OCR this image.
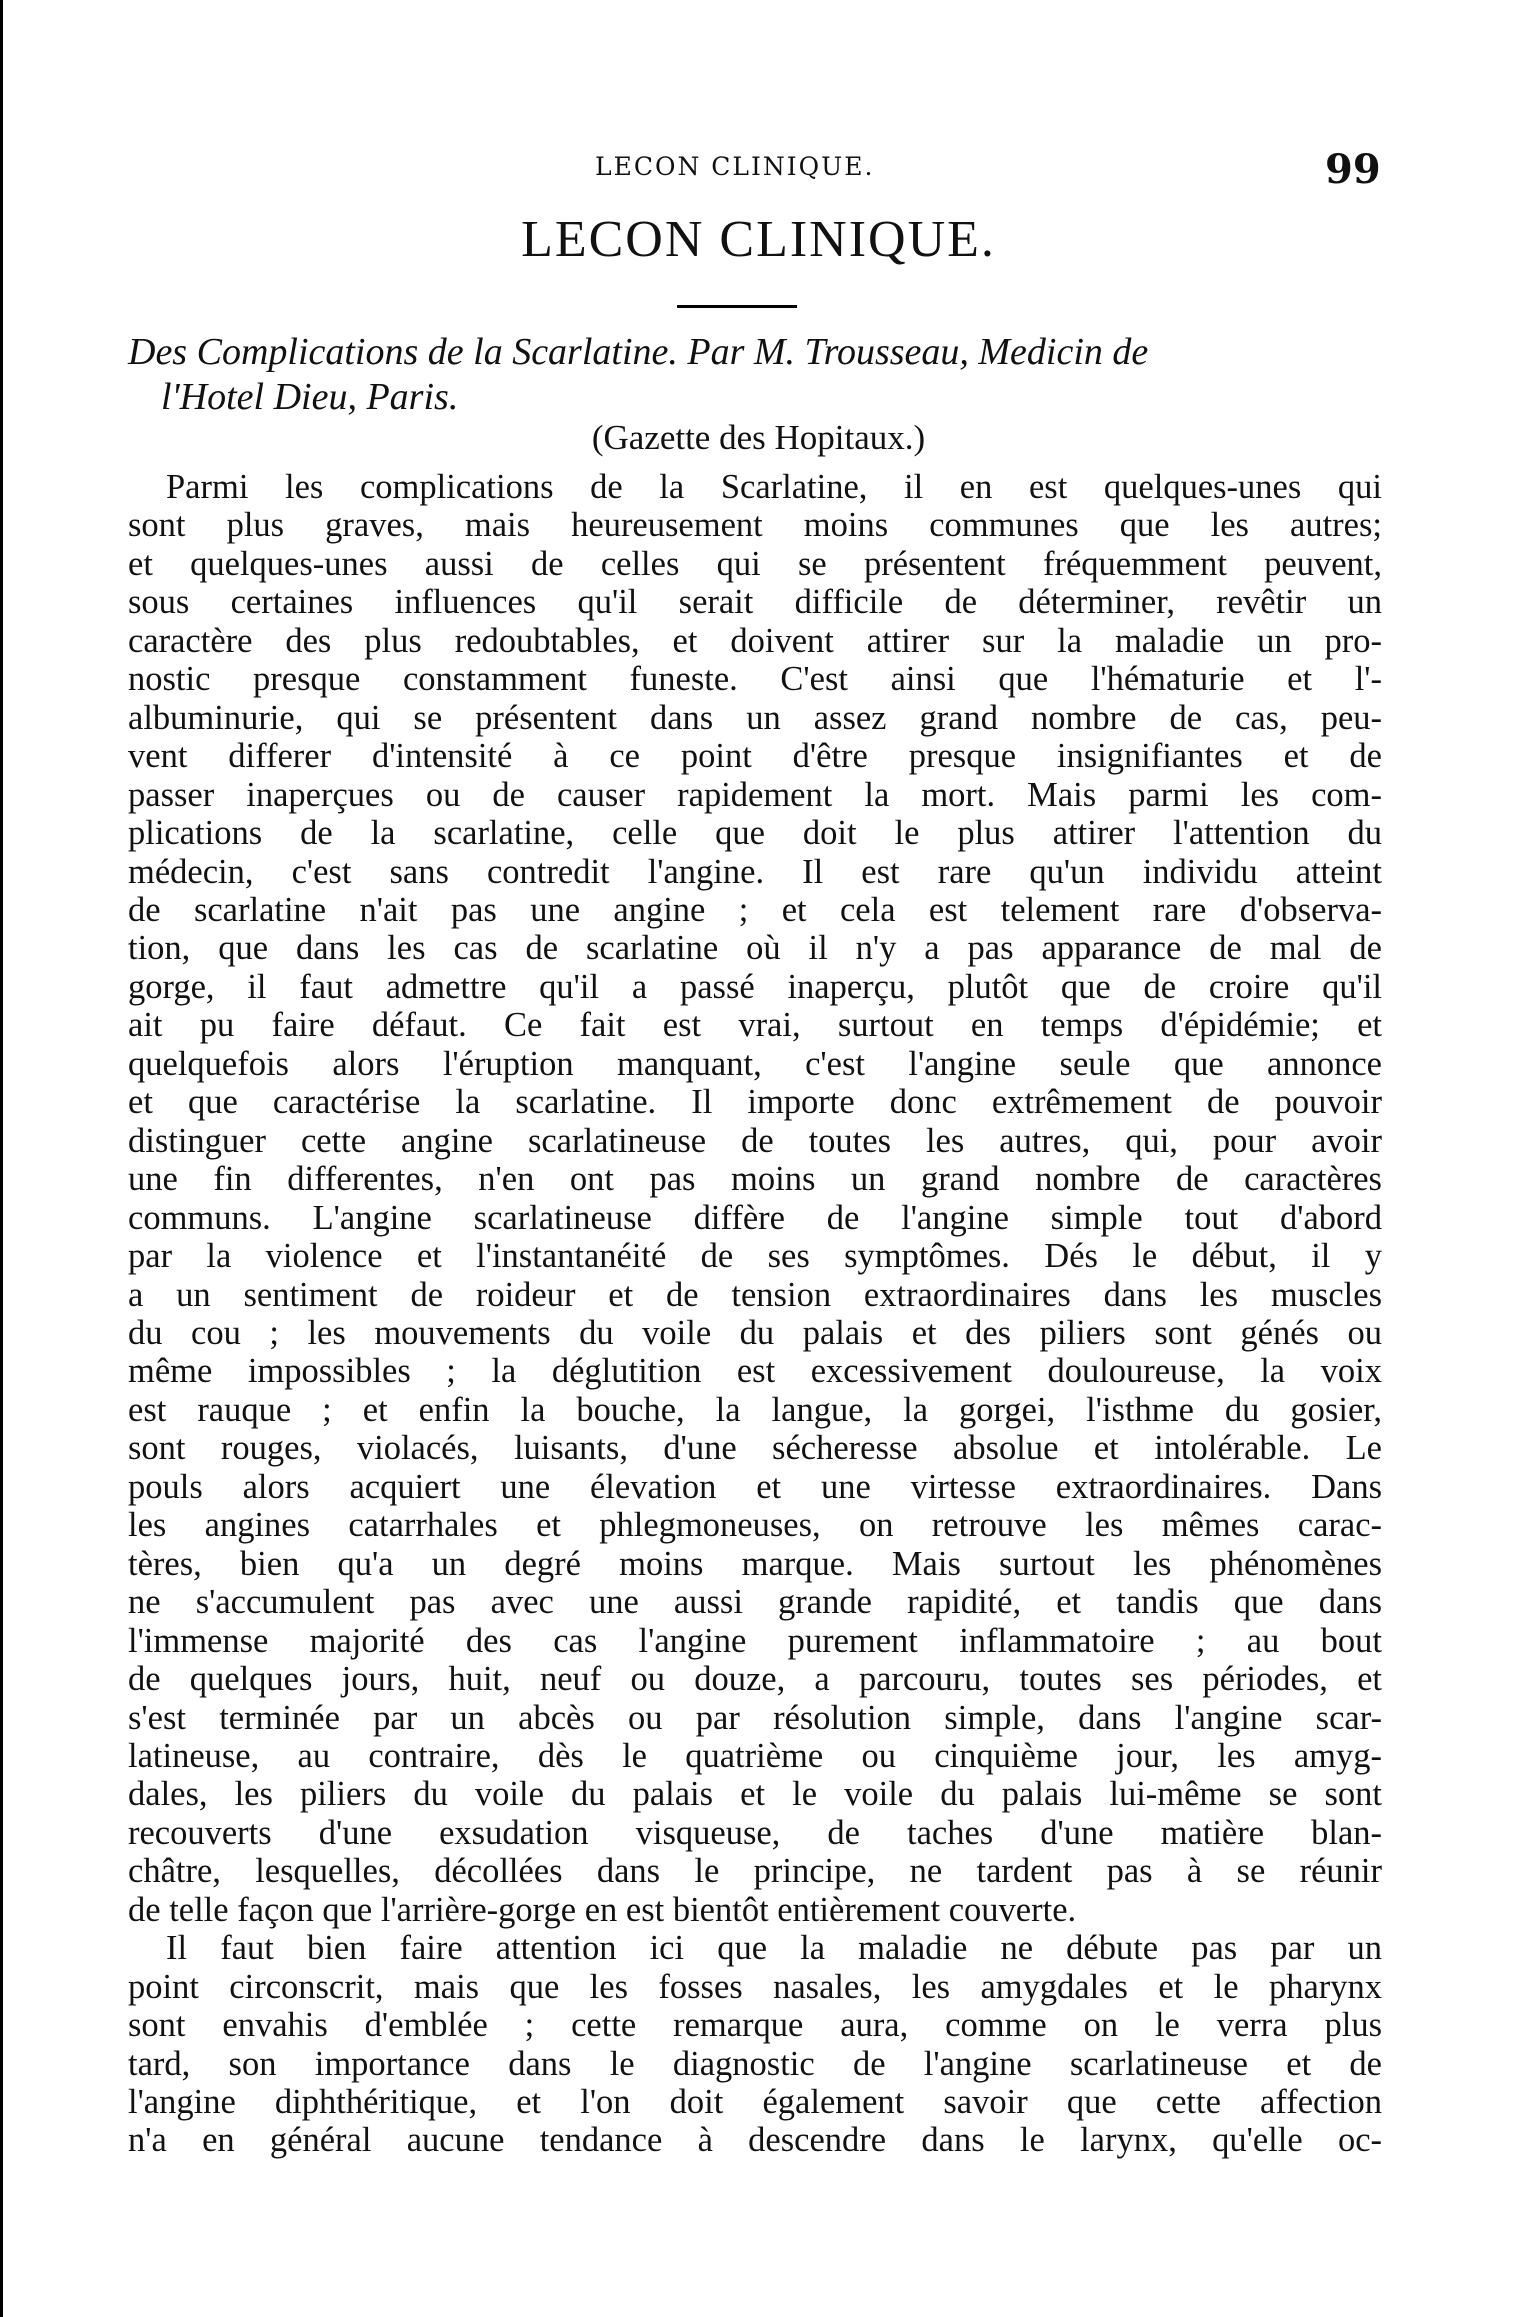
LECON CLINIQUE.	99
LECON CLINIQUE.
Des Complications de la Scarlatine. Par M. Trousseau, Medicin de
l'Hotel Dieu, Paris.
(Gazette des Hopitaux.)

Parmi les complications de la Scarlatine, il en est quelques-unes qui
sont plus graves, mais heureusement moins communes que les autres;
et quelques-unes aussi de celles qui se présentent fréquemment peuvent,
sous certaines influences qu'il serait difficile de déterminer, revêtir un
caractère des plus redoubtables, et doivent attirer sur la maladie un pro-
nostic presque constamment funeste. C'est ainsi que l'hématurie et l'-
albuminurie, qui se présentent dans un assez grand nombre de cas, peu-
vent differer d'intensité à ce point d'être presque insignifiantes et de
passer inaperçues ou de causer rapidement la mort. Mais parmi les com-
plications de la scarlatine, celle que doit le plus attirer l'attention du
médecin, c'est sans contredit l'angine. Il est rare qu'un individu atteint
de scarlatine n'ait pas une angine ; et cela est telement rare d'observa-
tion, que dans les cas de scarlatine où il n'y a pas apparance de mal de
gorge, il faut admettre qu'il a passé inaperçu, plutôt que de croire qu'il
ait pu faire défaut. Ce fait est vrai, surtout en temps d'épidémie; et
quelquefois alors l'éruption manquant, c'est l'angine seule que annonce
et que caractérise la scarlatine. Il importe donc extrêmement de pouvoir
distinguer cette angine scarlatineuse de toutes les autres, qui, pour avoir
une fin differentes, n'en ont pas moins un grand nombre de caractères
communs. L'angine scarlatineuse diffère de l'angine simple tout d'abord
par la violence et l'instantanéité de ses symptômes. Dés le début, il y
a un sentiment de roideur et de tension extraordinaires dans les muscles
du cou ; les mouvements du voile du palais et des piliers sont génés ou
même impossibles ; la déglutition est excessivement douloureuse, la voix
est rauque ; et enfin la bouche, la langue, la gorgei, l'isthme du gosier,
sont rouges, violacés, luisants, d'une sécheresse absolue et intolérable. Le
pouls alors acquiert une élevation et une virtesse extraordinaires. Dans
les angines catarrhales et phlegmoneuses, on retrouve les mêmes carac-
tères, bien qu'a un degré moins marque. Mais surtout les phénomènes
ne s'accumulent pas avec une aussi grande rapidité, et tandis que dans
l'immense majorité des cas l'angine purement inflammatoire ; au bout
de quelques jours, huit, neuf ou douze, a parcouru, toutes ses périodes, et
s'est terminée par un abcès ou par résolution simple, dans l'angine scar-
latineuse, au contraire, dès le quatrième ou cinquième jour, les amyg-
dales, les piliers du voile du palais et le voile du palais lui-même se sont
recouverts d'une exsudation visqueuse, de taches d'une matière blan-
châtre, lesquelles, décollées dans le principe, ne tardent pas à se réunir
de telle façon que l'arrière-gorge en est bientôt entièrement couverte.

Il faut bien faire attention ici que la maladie ne débute pas par un
point circonscrit, mais que les fosses nasales, les amygdales et le pharynx
sont envahis d'emblée ; cette remarque aura, comme on le verra plus
tard, son importance dans le diagnostic de l'angine scarlatineuse et de
l'angine diphthéritique, et l'on doit également savoir que cette affection
n'a en général aucune tendance à descendre dans le larynx, qu'elle oc-
